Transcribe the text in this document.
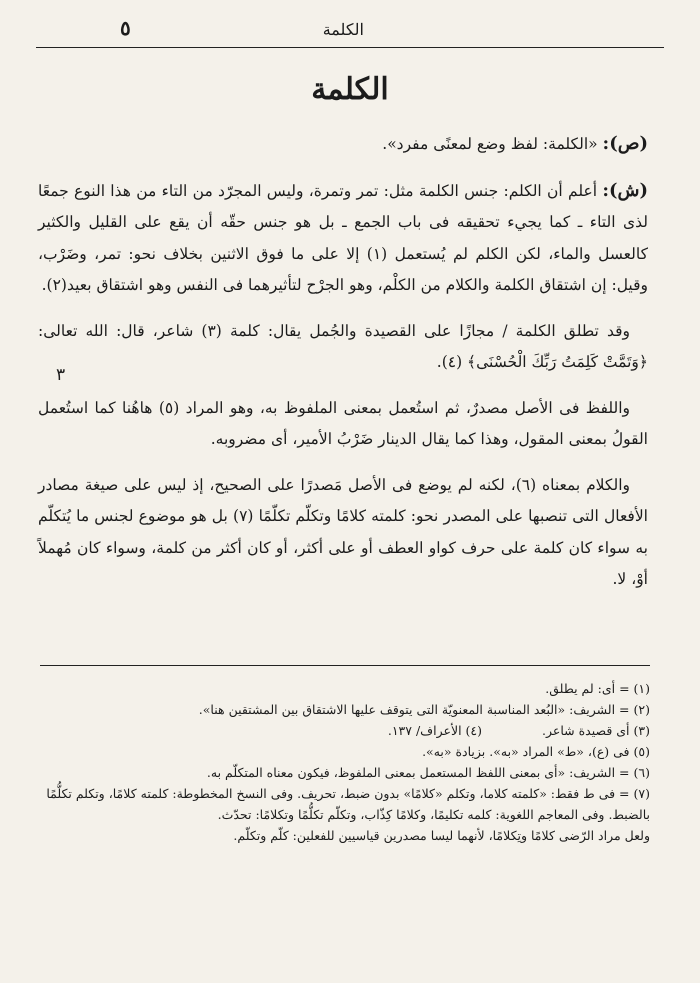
الكلمة
٥
الكلمة

(ص): «الكلمة: لفظ وضع لمعنًى مفرد».

(ش): أعلم أن الكلم: جنس الكلمة مثل: تمر وتمرة، وليس المجرّد من التاء من هذا النوع جمعًا لذى التاء ـ كما يجيء تحقيقه فى باب الجمع ـ بل هو جنس حقّه أن يقع على القليل والكثير كالعسل والماء، لكن الكلم لم يُستعمل (١) إلا على ما فوق الاثنين بخلاف نحو: تمر، وضَرْب، وقيل: إن اشتقاق الكلمة والكلام من الكلْم، وهو الجرْح لتأثيرهما فى النفس وهو اشتقاق بعيد(٢).

وقد تطلق الكلمة / مجازًا على القصيدة والجُمل يقال: كلمة (٣) شاعر، قال: الله تعالى: ﴿وَتَمَّتْ كَلِمَتُ رَبِّكَ الْحُسْنَى﴾ (٤).

واللفظ فى الأصل مصدرٌ، ثم استُعمل بمعنى الملفوظ به، وهو المراد (٥) هاهُنا كما استُعمل القولُ بمعنى المقول، وهذا كما يقال الدينار ضَرْبُ الأمير، أى مضروبه.

والكلام بمعناه (٦)، لكنه لم يوضع فى الأصل مَصدرًا على الصحيح، إذ ليس على صيغة مصادر الأفعال التى تنصبها على المصدر نحو: كلمته كلامًا وتكلّم تكلّمًا (٧) بل هو موضوع لجنس ما يُتكلّم به سواء كان كلمة على حرف كواو العطف أو على أكثر، أو كان أكثر من كلمة، وسواء كان مُهملاً أوْ، لا.

٣
(١) = أى: لم يطلق.
(٢) = الشريف: «البُعد المناسبة المعنويّة التى يتوقف عليها الاشتقاق بين المشتقين هنا».
(٣) أى قصيدة شاعر.
(٤) الأعراف/ ١٣٧.
(٥) فى (ع)، «ط» المراد «به». بزيادة «به».
(٦) = الشريف: «أى بمعنى اللفظ المستعمل بمعنى الملفوظ، فيكون معناه المتكلّم به.
(٧) = فى ط فقط: «كلمته كلاما، وتكلم «كلامًا» بدون ضبط، تحريف. وفى النسخ المخطوطة: كلمته كلامًا، وتكلم تكلُّمًا بالضبط. وفى المعاجم اللغوية: كلمه تكليمًا، وكلامًا كِذّاب، وتكلّم تكلُّمًا وتكلامًا: تحدّث.
ولعل مراد الرّضى كلامًا وتِكلامًا، لأنهما ليسا مصدرين قياسيين للفعلين: كلّم وتكلّم.
